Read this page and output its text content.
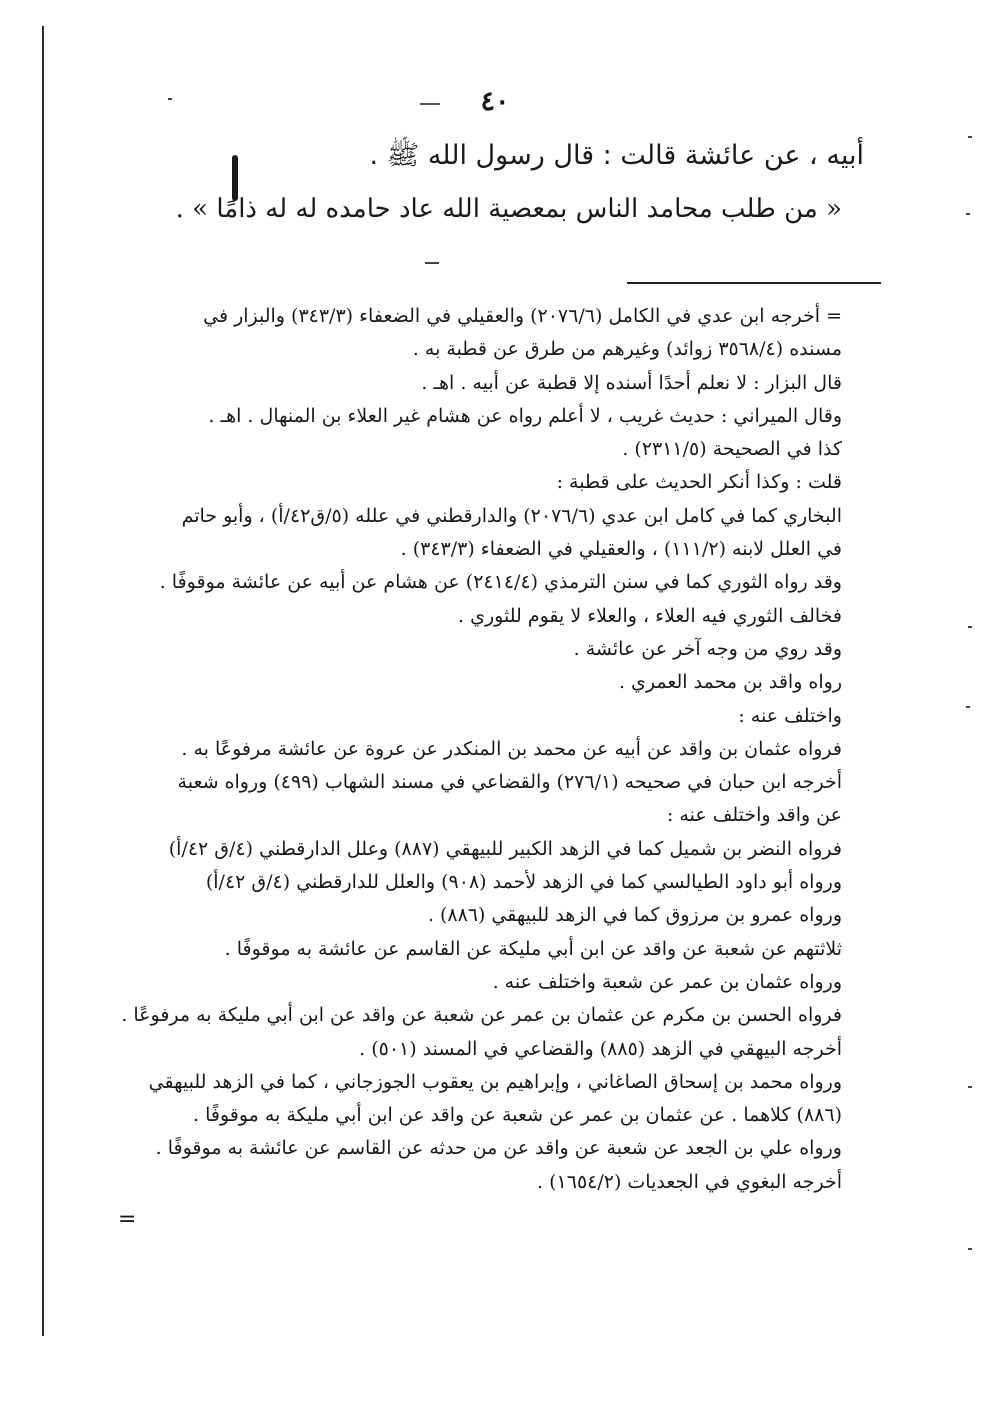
٤٠
أبيه ، عن عائشة قالت : قال رسول الله ﷺ .
« من طلب محامد الناس بمعصية الله عاد حامده له له ذامًا » .
= أخرجه ابن عدي في الكامل (٢٠٧٦/٦) والعقيلي في الضعفاء (٣٤٣/٣) والبزار في
مسنده (٣٥٦٨/٤ زوائد) وغيرهم من طرق عن قطبة به .
قال البزار : لا نعلم أحدًا أسنده إلا قطبة عن أبيه . اهـ .
وقال الميراني : حديث غريب ، لا أعلم رواه عن هشام غير العلاء بن المنهال . اهـ .
كذا في الصحيحة (٢٣١١/٥) .
قلت : وكذا أنكر الحديث على قطبة :
البخاري كما في كامل ابن عدي (٢٠٧٦/٦) والدارقطني في علله (٥/ق٤٢/أ) ، وأبو حاتم
في العلل لابنه (١١١/٢) ، والعقيلي في الضعفاء (٣٤٣/٣) .
وقد رواه الثوري كما في سنن الترمذي (٢٤١٤/٤) عن هشام عن أبيه عن عائشة موقوفًا .
فخالف الثوري فيه العلاء ، والعلاء لا يقوم للثوري .
وقد روي من وجه آخر عن عائشة .
رواه واقد بن محمد العمري .
واختلف عنه :
فرواه عثمان بن واقد عن أبيه عن محمد بن المنكدر عن عروة عن عائشة مرفوعًا به .
أخرجه ابن حبان في صحيحه (٢٧٦/١) والقضاعي في مسند الشهاب (٤٩٩) ورواه شعبة
عن واقد واختلف عنه :
فرواه النضر بن شميل كما في الزهد الكبير للبيهقي (٨٨٧) وعلل الدارقطني (٤/ق ٤٢/أ)
ورواه أبو داود الطيالسي كما في الزهد لأحمد (٩٠٨) والعلل للدارقطني (٤/ق ٤٢/أ)
ورواه عمرو بن مرزوق كما في الزهد للبيهقي (٨٨٦) .
ثلاثتهم عن شعبة عن واقد عن ابن أبي مليكة عن القاسم عن عائشة به موقوفًا .
ورواه عثمان بن عمر عن شعبة واختلف عنه .
فرواه الحسن بن مكرم عن عثمان بن عمر عن شعبة عن واقد عن ابن أبي مليكة به مرفوعًا .
أخرجه البيهقي في الزهد (٨٨٥) والقضاعي في المسند (٥٠١) .
ورواه محمد بن إسحاق الصاغاني ، وإبراهيم بن يعقوب الجوزجاني ، كما في الزهد للبيهقي
(٨٨٦) كلاهما . عن عثمان بن عمر عن شعبة عن واقد عن ابن أبي مليكة به موقوفًا .
ورواه علي بن الجعد عن شعبة عن واقد عن من حدثه عن القاسم عن عائشة به موقوفًا .
أخرجه البغوي في الجعديات (١٦٥٤/٢) .
=
